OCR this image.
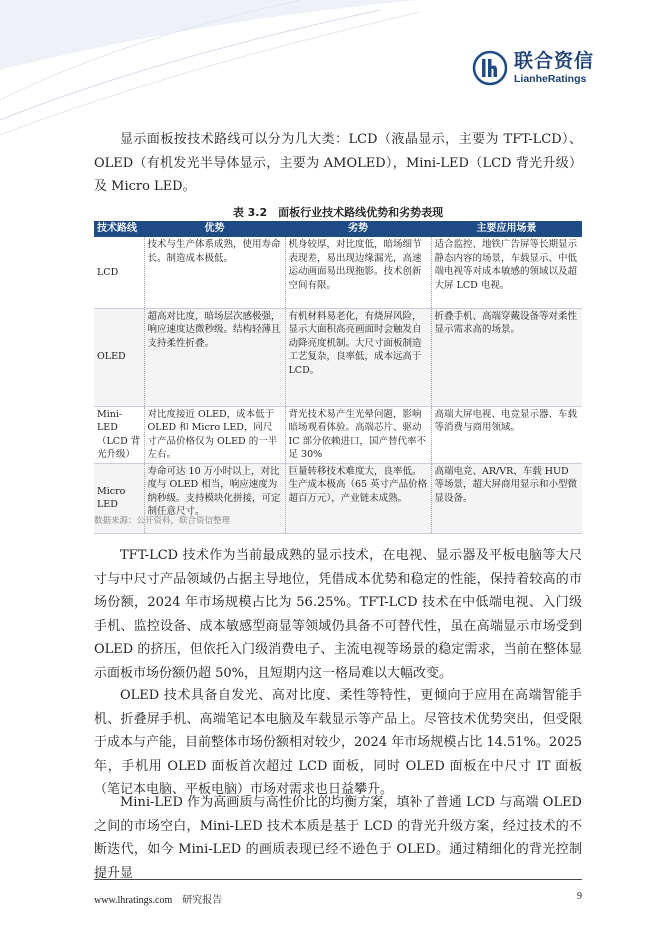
联合资信
LianheRatings

显示面板按技术路线可以分为几大类：LCD（液晶显示，主要为 TFT-LCD）、OLED（有机发光半导体显示，主要为 AMOLED），Mini-LED（LCD 背光升级）及 Micro LED。

表 3.2　面板行业技术路线优势和劣势表现
技术路线	优势	劣势	主要应用场景
LCD	技术与生产体系成熟，使用寿命长。制造成本极低。	机身较厚，对比度低，暗场细节表现差，易出现边缘漏光，高速运动画面易出现拖影。技术创新空间有限。	适合监控、地铁广告屏等长期显示静态内容的场景，车载显示、中低端电视等对成本敏感的领域以及超大屏 LCD 电视。
OLED	超高对比度，暗场层次感极强，响应速度达微秒级。结构轻薄且支持柔性折叠。	有机材料易老化，有烧屏风险，显示大面积高亮画面时会触发自动降亮度机制。大尺寸面板制造工艺复杂，良率低，成本远高于 LCD。	折叠手机、高端穿戴设备等对柔性显示需求高的场景。
Mini-LED（LCD 背光升级）	对比度接近 OLED，成本低于 OLED 和 Micro LED，同尺寸产品价格仅为 OLED 的一半左右。	背光技术易产生光晕问题，影响暗场观看体验。高端芯片、驱动 IC 部分依赖进口，国产替代率不足 30%	高端大屏电视、电竞显示器、车载等消费与商用领域。
Micro LED	寿命可达 10 万小时以上，对比度与 OLED 相当，响应速度为纳秒级。支持模块化拼接，可定制任意尺寸。	巨量转移技术难度大，良率低。生产成本极高（65 英寸产品价格超百万元），产业链未成熟。	高端电竞、AR/VR、车载 HUD 等场景，超大屏商用显示和小型微显设备。
数据来源：公开资料，联合资信整理

TFT-LCD 技术作为当前最成熟的显示技术，在电视、显示器及平板电脑等大尺寸与中尺寸产品领域仍占据主导地位，凭借成本优势和稳定的性能，保持着较高的市场份额，2024 年市场规模占比为 56.25%。TFT-LCD 技术在中低端电视、入门级手机、监控设备、成本敏感型商显等领域仍具备不可替代性，虽在高端显示市场受到 OLED 的挤压，但依托入门级消费电子、主流电视等场景的稳定需求，当前在整体显示面板市场份额仍超 50%，且短期内这一格局难以大幅改变。

OLED 技术具备自发光、高对比度、柔性等特性，更倾向于应用在高端智能手机、折叠屏手机、高端笔记本电脑及车载显示等产品上。尽管技术优势突出，但受限于成本与产能，目前整体市场份额相对较少，2024 年市场规模占比 14.51%。2025 年，手机用 OLED 面板首次超过 LCD 面板，同时 OLED 面板在中尺寸 IT 面板（笔记本电脑、平板电脑）市场对需求也日益攀升。

Mini-LED 作为高画质与高性价比的均衡方案，填补了普通 LCD 与高端 OLED 之间的市场空白，Mini-LED 技术本质是基于 LCD 的背光升级方案，经过技术的不断迭代，如今 Mini-LED 的画质表现已经不逊色于 OLED。通过精细化的背光控制提升显

www.lhratings.com　研究报告	9
